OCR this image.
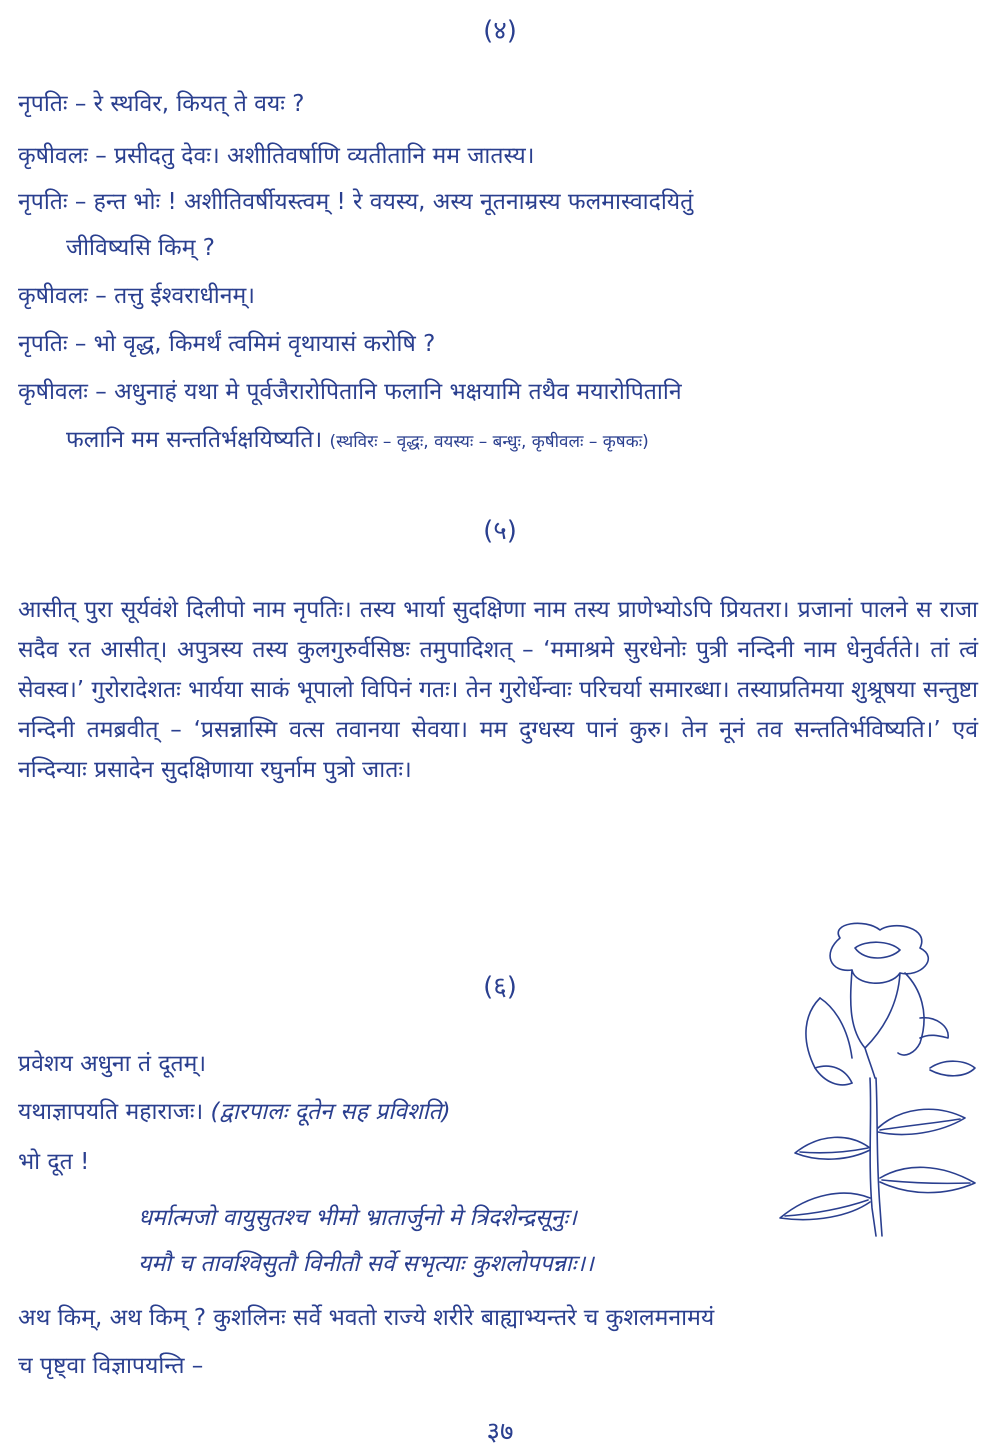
(४)
नृपतिः – रे स्थविर, कियत् ते वयः ?
कृषीवलः – प्रसीदतु देवः। अशीतिवर्षाणि व्यतीतानि मम जातस्य।
नृपतिः – हन्त भोः ! अशीतिवर्षीयस्त्वम् ! रे वयस्य, अस्य नूतनाम्रस्य फलमास्वादयितुं
जीविष्यसि किम् ?
कृषीवलः – तत्तु ईश्वराधीनम्।
नृपतिः – भो वृद्ध, किमर्थं त्वमिमं वृथायासं करोषि ?
कृषीवलः – अधुनाहं यथा मे पूर्वजैरारोपितानि फलानि भक्षयामि तथैव मयारोपितानि
फलानि मम सन्ततिर्भक्षयिष्यति। (स्थविरः – वृद्धः, वयस्यः – बन्धुः, कृषीवलः – कृषकः)
(५)
आसीत् पुरा सूर्यवंशे दिलीपो नाम नृपतिः। तस्य भार्या सुदक्षिणा नाम तस्य प्राणेभ्योऽपि प्रियतरा। प्रजानां पालने स राजा सदैव रत आसीत्। अपुत्रस्य तस्य कुलगुरुर्वसिष्ठः तमुपादिशत् – ‘ममाश्रमे सुरधेनोः पुत्री नन्दिनी नाम धेनुर्वर्तते। तां त्वं सेवस्व।’ गुरोरादेशतः भार्यया साकं भूपालो विपिनं गतः। तेन गुरोर्धेन्वाः परिचर्या समारब्धा। तस्याप्रतिमया शुश्रूषया सन्तुष्टा नन्दिनी तमब्रवीत् – ‘प्रसन्नास्मि वत्स तवानया सेवया। मम दुग्धस्य पानं कुरु। तेन नूनं तव सन्ततिर्भविष्यति।’ एवं नन्दिन्याः प्रसादेन सुदक्षिणाया रघुर्नाम पुत्रो जातः।
(६)
प्रवेशय अधुना तं दूतम्।
यथाज्ञापयति महाराजः। (द्वारपालः दूतेन सह प्रविशति)
भो दूत !
धर्मात्मजो वायुसुतश्च भीमो भ्रातार्जुनो मे त्रिदशेन्द्रसूनुः।
यमौ च तावश्विसुतौ विनीतौ सर्वे सभृत्याः कुशलोपपन्नाः।।
अथ किम्, अथ किम् ? कुशलिनः सर्वे भवतो राज्ये शरीरे बाह्याभ्यन्तरे च कुशलमनामयं
च पृष्ट्वा विज्ञापयन्ति –
३७
